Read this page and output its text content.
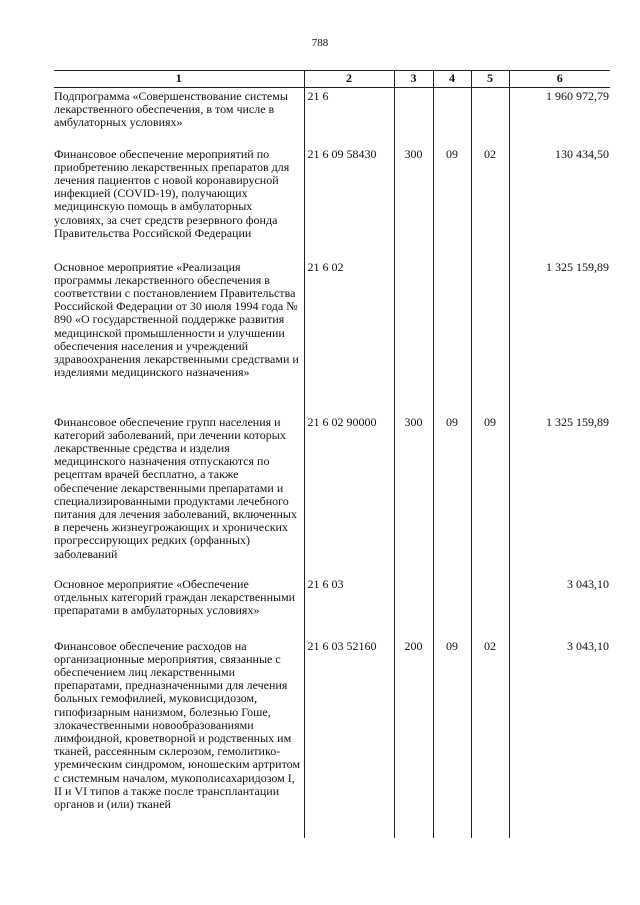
788
1	2	3	4	5	6
Подпрограмма «Совершенствование системы лекарственного обеспечения, в том числе в амбулаторных условиях»	21 6				1 960 972,79
Финансовое обеспечение мероприятий по приобретению лекарственных препаратов для лечения пациентов с новой коронавирусной инфекцией (COVID-19), получающих медицинскую помощь в амбулаторных условиях, за счет средств резервного фонда Правительства Российской Федерации	21 6 09 58430	300	09	02	130 434,50
Основное мероприятие «Реализация программы лекарственного обеспечения в соответствии с постановлением Правительства Российской Федерации от 30 июля 1994 года № 890 «О государственной поддержке развития медицинской промышленности и улучшении обеспечения населения и учреждений здравоохранения лекарственными средствами и изделиями медицинского назначения»	21 6 02				1 325 159,89
Финансовое обеспечение групп населения и категорий заболеваний, при лечении которых лекарственные средства и изделия медицинского назначения отпускаются по рецептам врачей бесплатно, а также обеспечение лекарственными препаратами и специализированными продуктами лечебного питания для лечения заболеваний, включенных в перечень жизнеугрожающих и хронических прогрессирующих редких (орфанных) заболеваний	21 6 02 90000	300	09	09	1 325 159,89
Основное мероприятие «Обеспечение отдельных категорий граждан лекарственными препаратами в амбулаторных условиях»	21 6 03				3 043,10
Финансовое обеспечение расходов на организационные мероприятия, связанные с обеспечением лиц лекарственными препаратами, предназначенными для лечения больных гемофилией, муковисцидозом, гипофизарным нанизмом, болезнью Гоше, злокачественными новообразованиями лимфоидной, кроветворной и родственных им тканей, рассеянным склерозом, гемолитико-уремическим синдромом, юношеским артритом с системным началом, мукополисахаридозом I, II и VI типов а также после трансплантации органов и (или) тканей	21 6 03 52160	200	09	02	3 043,10
